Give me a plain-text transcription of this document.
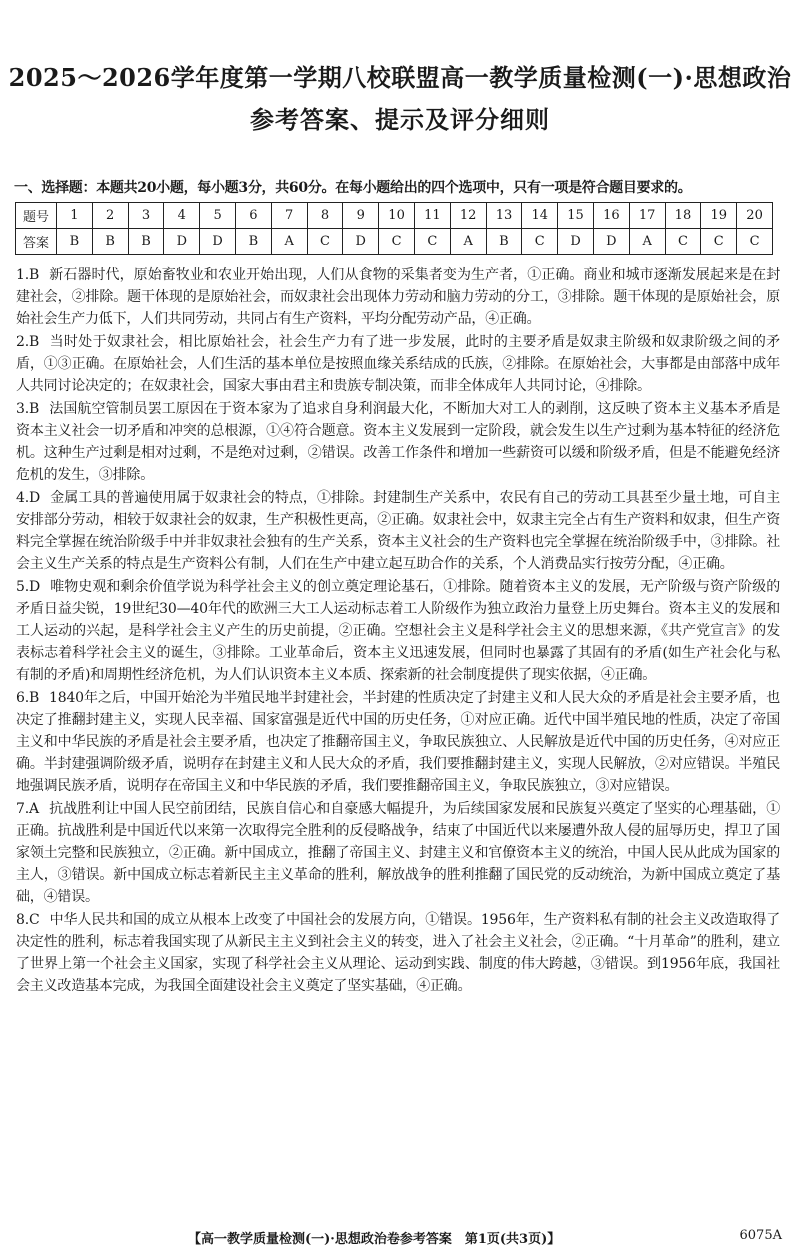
2025～2026学年度第一学期八校联盟高一教学质量检测(一)·思想政治
参考答案、提示及评分细则
一、选择题：本题共20小题，每小题3分，共60分。在每小题给出的四个选项中，只有一项是符合题目要求的。
题号	1	2	3	4	5	6	7	8	9	10	11	12	13	14	15	16	17	18	19	20
答案	B	B	B	D	D	B	A	C	D	C	C	A	B	C	D	D	A	C	C	C

1.B 新石器时代，原始畜牧业和农业开始出现，人们从食物的采集者变为生产者，①正确。商业和城市逐渐发展起来是在封建社会，②排除。题干体现的是原始社会，而奴隶社会出现体力劳动和脑力劳动的分工，③排除。题干体现的是原始社会，原始社会生产力低下，人们共同劳动，共同占有生产资料，平均分配劳动产品，④正确。

2.B 当时处于奴隶社会，相比原始社会，社会生产力有了进一步发展，此时的主要矛盾是奴隶主阶级和奴隶阶级之间的矛盾，①③正确。在原始社会，人们生活的基本单位是按照血缘关系结成的氏族，②排除。在原始社会，大事都是由部落中成年人共同讨论决定的；在奴隶社会，国家大事由君主和贵族专制决策，而非全体成年人共同讨论，④排除。

3.B 法国航空管制员罢工原因在于资本家为了追求自身利润最大化，不断加大对工人的剥削，这反映了资本主义基本矛盾是资本主义社会一切矛盾和冲突的总根源，①④符合题意。资本主义发展到一定阶段，就会发生以生产过剩为基本特征的经济危机。这种生产过剩是相对过剩，不是绝对过剩，②错误。改善工作条件和增加一些薪资可以缓和阶级矛盾，但是不能避免经济危机的发生，③排除。

4.D 金属工具的普遍使用属于奴隶社会的特点，①排除。封建制生产关系中，农民有自己的劳动工具甚至少量土地，可自主安排部分劳动，相较于奴隶社会的奴隶，生产积极性更高，②正确。奴隶社会中，奴隶主完全占有生产资料和奴隶，但生产资料完全掌握在统治阶级手中并非奴隶社会独有的生产关系，资本主义社会的生产资料也完全掌握在统治阶级手中，③排除。社会主义生产关系的特点是生产资料公有制，人们在生产中建立起互助合作的关系，个人消费品实行按劳分配，④正确。

5.D 唯物史观和剩余价值学说为科学社会主义的创立奠定理论基石，①排除。随着资本主义的发展，无产阶级与资产阶级的矛盾日益尖锐，19世纪30—40年代的欧洲三大工人运动标志着工人阶级作为独立政治力量登上历史舞台。资本主义的发展和工人运动的兴起，是科学社会主义产生的历史前提，②正确。空想社会主义是科学社会主义的思想来源，《共产党宣言》的发表标志着科学社会主义的诞生，③排除。工业革命后，资本主义迅速发展，但同时也暴露了其固有的矛盾(如生产社会化与私有制的矛盾)和周期性经济危机，为人们认识资本主义本质、探索新的社会制度提供了现实依据，④正确。

6.B 1840年之后，中国开始沦为半殖民地半封建社会，半封建的性质决定了封建主义和人民大众的矛盾是社会主要矛盾，也决定了推翻封建主义，实现人民幸福、国家富强是近代中国的历史任务，①对应正确。近代中国半殖民地的性质，决定了帝国主义和中华民族的矛盾是社会主要矛盾，也决定了推翻帝国主义，争取民族独立、人民解放是近代中国的历史任务，④对应正确。半封建强调阶级矛盾，说明存在封建主义和人民大众的矛盾，我们要推翻封建主义，实现人民解放，②对应错误。半殖民地强调民族矛盾，说明存在帝国主义和中华民族的矛盾，我们要推翻帝国主义，争取民族独立，③对应错误。

7.A 抗战胜利让中国人民空前团结，民族自信心和自豪感大幅提升，为后续国家发展和民族复兴奠定了坚实的心理基础，①正确。抗战胜利是中国近代以来第一次取得完全胜利的反侵略战争，结束了中国近代以来屡遭外敌人侵的屈辱历史，捍卫了国家领土完整和民族独立，②正确。新中国成立，推翻了帝国主义、封建主义和官僚资本主义的统治，中国人民从此成为国家的主人，③错误。新中国成立标志着新民主主义革命的胜利，解放战争的胜利推翻了国民党的反动统治，为新中国成立奠定了基础，④错误。

8.C 中华人民共和国的成立从根本上改变了中国社会的发展方向，①错误。1956年，生产资料私有制的社会主义改造取得了决定性的胜利，标志着我国实现了从新民主主义到社会主义的转变，进入了社会主义社会，②正确。“十月革命”的胜利，建立了世界上第一个社会主义国家，实现了科学社会主义从理论、运动到实践、制度的伟大跨越，③错误。到1956年底，我国社会主义改造基本完成，为我国全面建设社会主义奠定了坚实基础，④正确。

【高一教学质量检测(一)·思想政治卷参考答案　第1页(共3页)】	6075A
